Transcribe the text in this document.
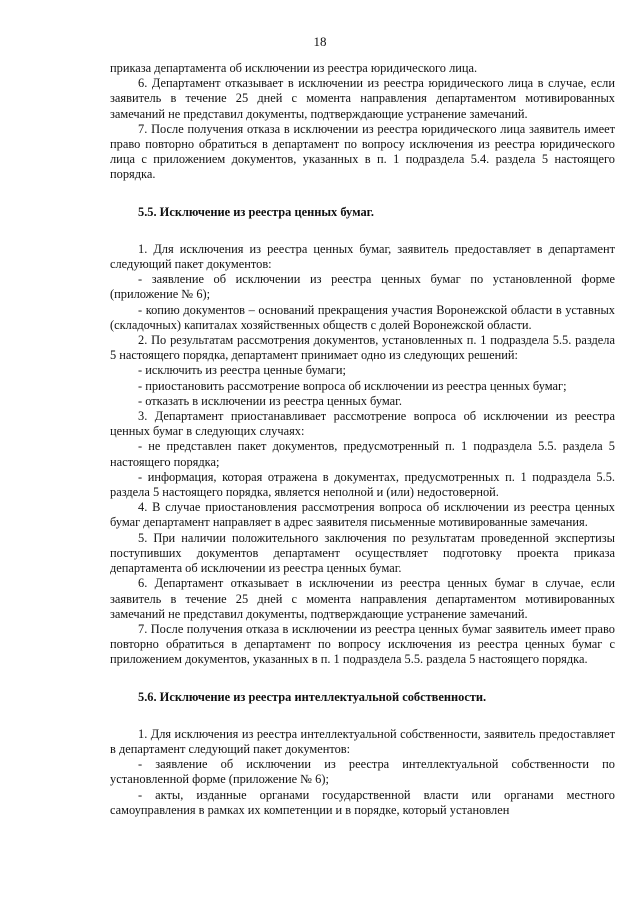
18

приказа департамента об исключении из реестра юридического лица.

6. Департамент отказывает в исключении из реестра юридического лица в случае, если заявитель в течение 25 дней с момента направления департаментом мотивированных замечаний не представил документы, подтверждающие устранение замечаний.

7. После получения отказа в исключении из реестра юридического лица заявитель имеет право повторно обратиться в департамент по вопросу исключения из реестра юридического лица с приложением документов, указанных в п. 1 подраздела 5.4. раздела 5 настоящего порядка.

5.5. Исключение из реестра ценных бумаг.

1. Для исключения из реестра ценных бумаг, заявитель предоставляет в департамент следующий пакет документов:

- заявление об исключении из реестра ценных бумаг по установленной форме (приложение № 6);

- копию документов – оснований прекращения участия Воронежской области в уставных (складочных) капиталах хозяйственных обществ с долей Воронежской области.

2. По результатам рассмотрения документов, установленных п. 1 подраздела 5.5. раздела 5 настоящего порядка, департамент принимает одно из следующих решений:

- исключить из реестра ценные бумаги;

- приостановить рассмотрение вопроса об исключении из реестра ценных бумаг;

- отказать в исключении из реестра ценных бумаг.

3. Департамент приостанавливает рассмотрение вопроса об исключении из реестра ценных бумаг в следующих случаях:

- не представлен пакет документов, предусмотренный п. 1 подраздела 5.5. раздела 5 настоящего порядка;

- информация, которая отражена в документах, предусмотренных п. 1 подраздела 5.5. раздела 5 настоящего порядка, является неполной и (или) недостоверной.

4. В случае приостановления рассмотрения вопроса об исключении из реестра ценных бумаг департамент направляет в адрес заявителя письменные мотивированные замечания.

5. При наличии положительного заключения по результатам проведенной экспертизы поступивших документов департамент осуществляет подготовку проекта приказа департамента об исключении из реестра ценных бумаг.

6. Департамент отказывает в исключении из реестра ценных бумаг в случае, если заявитель в течение 25 дней с момента направления департаментом мотивированных замечаний не представил документы, подтверждающие устранение замечаний.

7. После получения отказа в исключении из реестра ценных бумаг заявитель имеет право повторно обратиться в департамент по вопросу исключения из реестра ценных бумаг с приложением документов, указанных в п. 1 подраздела 5.5. раздела 5 настоящего порядка.

5.6. Исключение из реестра интеллектуальной собственности.

1. Для исключения из реестра интеллектуальной собственности, заявитель предоставляет в департамент следующий пакет документов:

- заявление об исключении из реестра интеллектуальной собственности по установленной форме (приложение № 6);

- акты, изданные органами государственной власти или органами местного самоуправления в рамках их компетенции и в порядке, который установлен
